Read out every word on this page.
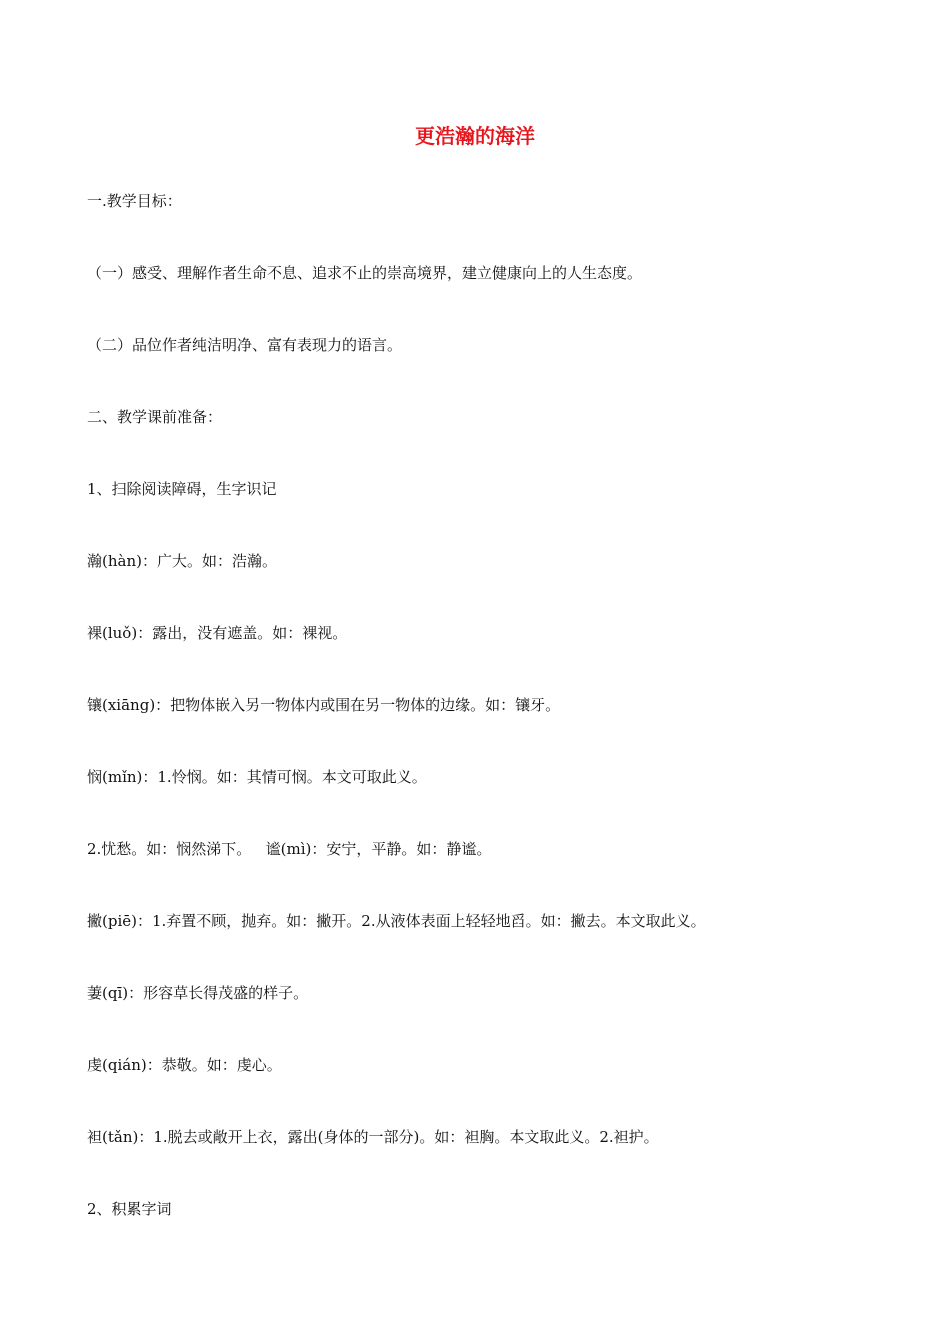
更浩瀚的海洋

一.教学目标：

（一）感受、理解作者生命不息、追求不止的崇高境界，建立健康向上的人生态度。

（二）品位作者纯洁明净、富有表现力的语言。

二、教学课前准备：

1、扫除阅读障碍，生字识记

瀚(hàn)：广大。如：浩瀚。

裸(luǒ)：露出，没有遮盖。如：裸视。

镶(xiāng)：把物体嵌入另一物体内或围在另一物体的边缘。如：镶牙。

悯(mǐn)：1.怜悯。如：其情可悯。本文可取此义。

2.忧愁。如：悯然涕下。   谧(mì)：安宁，平静。如：静谧。

撇(piē)：1.弃置不顾，抛弃。如：撇开。2.从液体表面上轻轻地舀。如：撇去。本文取此义。

萋(qī)：形容草长得茂盛的样子。

虔(qián)：恭敬。如：虔心。

袒(tǎn)：1.脱去或敞开上衣，露出(身体的一部分)。如：袒胸。本文取此义。2.袒护。

2、积累字词
